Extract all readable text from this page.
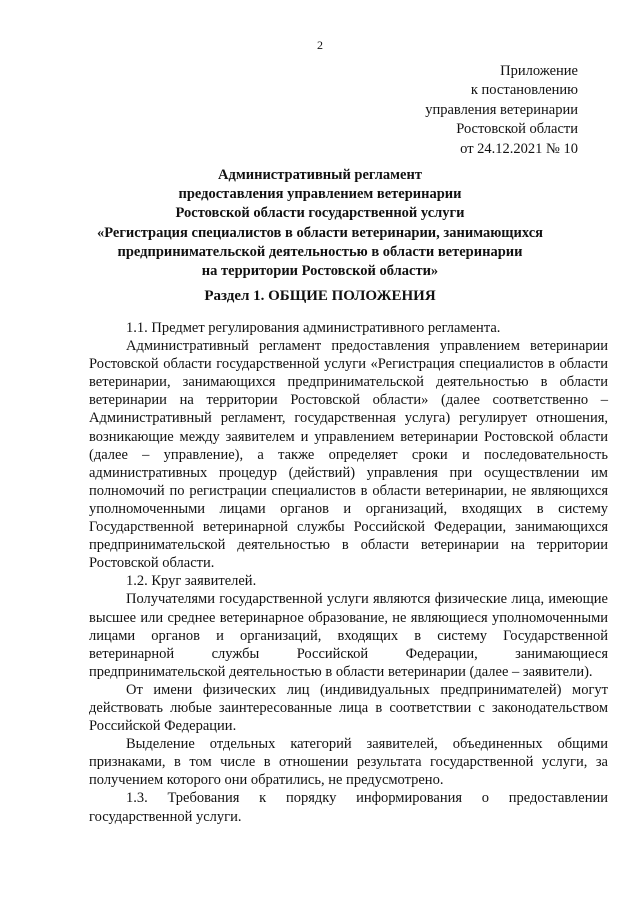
2
Приложение
к постановлению
управления ветеринарии
Ростовской области
от 24.12.2021 № 10
Административный регламент
предоставления управлением ветеринарии
Ростовской области государственной услуги
«Регистрация специалистов в области ветеринарии, занимающихся
предпринимательской деятельностью в области ветеринарии
на территории Ростовской области»
Раздел 1. ОБЩИЕ ПОЛОЖЕНИЯ

1.1. Предмет регулирования административного регламента.

Административный регламент предоставления управлением ветеринарии Ростовской области государственной услуги «Регистрация специалистов в области ветеринарии, занимающихся предпринимательской деятельностью в области ветеринарии на территории Ростовской области» (далее соответственно – Административный регламент, государственная услуга) регулирует отношения, возникающие между заявителем и управлением ветеринарии Ростовской области (далее – управление), а также определяет сроки и последовательность административных процедур (действий) управления при осуществлении им полномочий по регистрации специалистов в области ветеринарии, не являющихся уполномоченными лицами органов и организаций, входящих в систему Государственной ветеринарной службы Российской Федерации, занимающихся предпринимательской деятельностью в области ветеринарии на территории Ростовской области.

1.2. Круг заявителей.

Получателями государственной услуги являются физические лица, имеющие высшее или среднее ветеринарное образование, не являющиеся уполномоченными лицами органов и организаций, входящих в систему Государственной ветеринарной службы Российской Федерации, занимающиеся предпринимательской деятельностью в области ветеринарии (далее – заявители).

От имени физических лиц (индивидуальных предпринимателей) могут действовать любые заинтересованные лица в соответствии с законодательством Российской Федерации.

Выделение отдельных категорий заявителей, объединенных общими признаками, в том числе в отношении результата государственной услуги, за получением которого они обратились, не предусмотрено.

1.3. Требования к порядку информирования о предоставлении государственной услуги.
